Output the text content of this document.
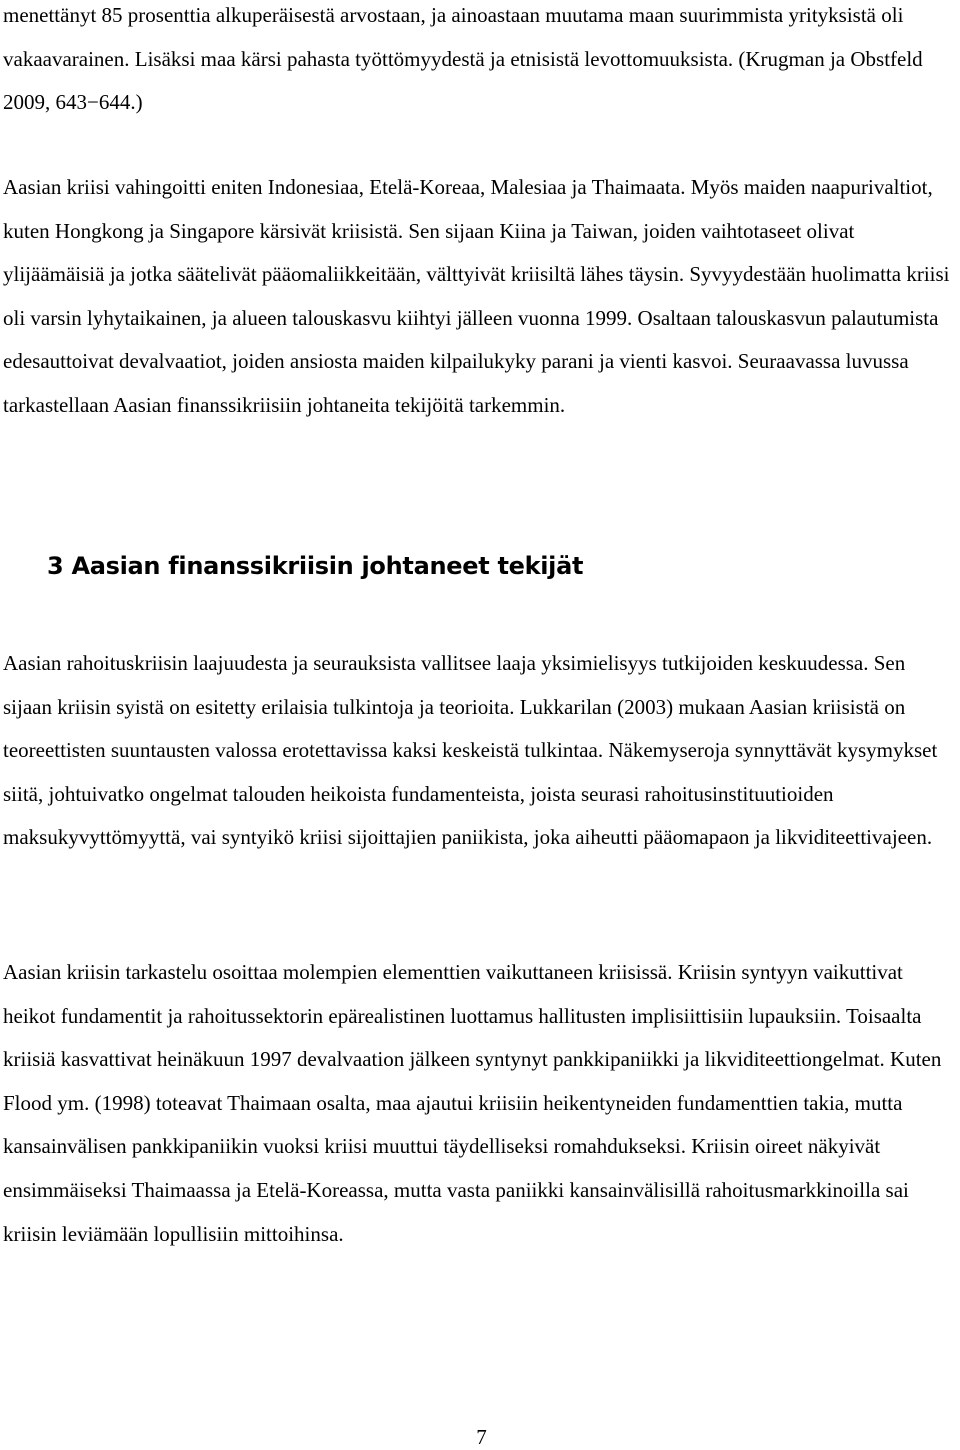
menettänyt 85 prosenttia alkuperäisestä arvostaan, ja ainoastaan muutama maan suurimmista yrityksistä oli vakaavarainen. Lisäksi maa kärsi pahasta työttömyydestä ja etnisistä levottomuuksista. (Krugman ja Obstfeld 2009, 643−644.)

Aasian kriisi vahingoitti eniten Indonesiaa, Etelä-Koreaa, Malesiaa ja Thaimaata. Myös maiden naapurivaltiot, kuten Hongkong ja Singapore kärsivät kriisistä. Sen sijaan Kiina ja Taiwan, joiden vaihtotaseet olivat ylijäämäisiä ja jotka säätelivät pääomaliikkeitään, välttyivät kriisiltä lähes täysin. Syvyydestään huolimatta kriisi oli varsin lyhytaikainen, ja alueen talouskasvu kiihtyi jälleen vuonna 1999. Osaltaan talouskasvun palautumista edesauttoivat devalvaatiot, joiden ansiosta maiden kilpailukyky parani ja vienti kasvoi. Seuraavassa luvussa tarkastellaan Aasian finanssikriisiin johtaneita tekijöitä tarkemmin.

3 Aasian finanssikriisin johtaneet tekijät

Aasian rahoituskriisin laajuudesta ja seurauksista vallitsee laaja yksimielisyys tutkijoiden keskuudessa. Sen sijaan kriisin syistä on esitetty erilaisia tulkintoja ja teorioita. Lukkarilan (2003) mukaan Aasian kriisistä on teoreettisten suuntausten valossa erotettavissa kaksi keskeistä tulkintaa. Näkemyseroja synnyttävät kysymykset siitä, johtuivatko ongelmat talouden heikoista fundamenteista, joista seurasi rahoitusinstituutioiden maksukyvyttömyyttä, vai syntyikö kriisi sijoittajien paniikista, joka aiheutti pääomapaon ja likviditeettivajeen.

Aasian kriisin tarkastelu osoittaa molempien elementtien vaikuttaneen kriisissä. Kriisin syntyyn vaikuttivat heikot fundamentit ja rahoitussektorin epärealistinen luottamus hallitusten implisiittisiin lupauksiin. Toisaalta kriisiä kasvattivat heinäkuun 1997 devalvaation jälkeen syntynyt pankkipaniikki ja likviditeettiongelmat. Kuten Flood ym. (1998) toteavat Thaimaan osalta, maa ajautui kriisiin heikentyneiden fundamenttien takia, mutta kansainvälisen pankkipaniikin vuoksi kriisi muuttui täydelliseksi romahdukseksi. Kriisin oireet näkyivät ensimmäiseksi Thaimaassa ja Etelä-Koreassa, mutta vasta paniikki kansainvälisillä rahoitusmarkkinoilla sai kriisin leviämään lopullisiin mittoihinsa.

7
